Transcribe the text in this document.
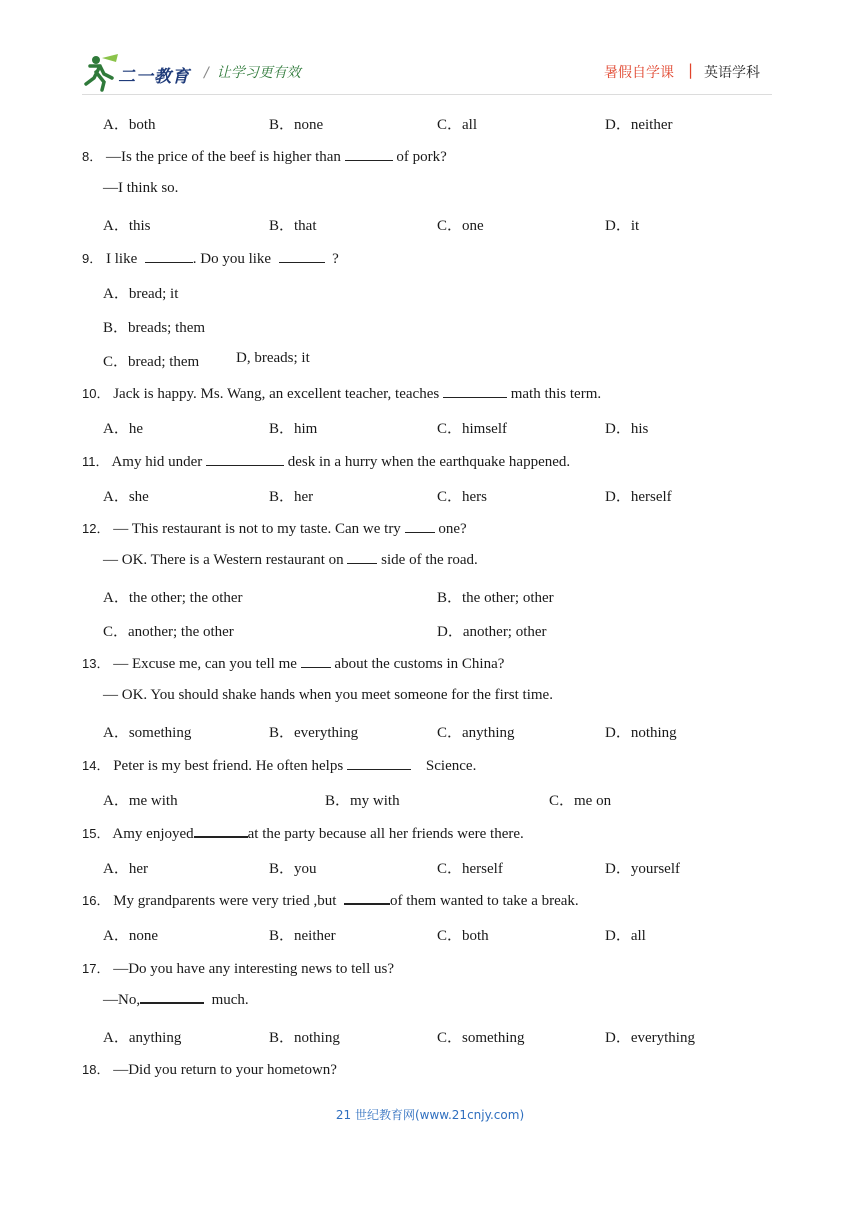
二一教育 / 让学习更有效	暑假自学课 | 英语学科
A．both	B．none	C．all	D．neither
8． —Is the price of the beef is higher than	of pork?
—I think so.
A．this	B．that	C．one	D．it
9． I like	. Do you like	?
A．bread; it
B．breads; them
C．bread; them D, breads; it
10． Jack is happy. Ms. Wang, an excellent teacher, teaches	math this term.
A．he	B．him	C．himself	D．his
11． Amy hid under	desk in a hurry when the earthquake happened.
A．she	B．her	C．hers	D．herself
12． — This restaurant is not to my taste. Can we try	one?
— OK. There is a Western restaurant on	side of the road.
A．the other; the other	B．the other; other
C．another; the other	D．another; other
13． — Excuse me, can you tell me	about the customs in China?
— OK. You should shake hands when you meet someone for the first time.
A．something	B．everything	C．anything	D．nothing
14． Peter is my best friend. He often helps	Science.
A．me with	B．my with	C．me on
15． Amy enjoyed	at the party because all her friends were there.
A．her	B．you	C．herself	D．yourself
16． My grandparents were very tried ,but	of them wanted to take a break.
A．none	B．neither	C．both	D．all
17． —Do you have any interesting news to tell us?
—No,	much.
A．anything	B．nothing	C．something	D．everything
18． —Did you return to your hometown?
21 世纪教育网(www.21cnjy.com)
